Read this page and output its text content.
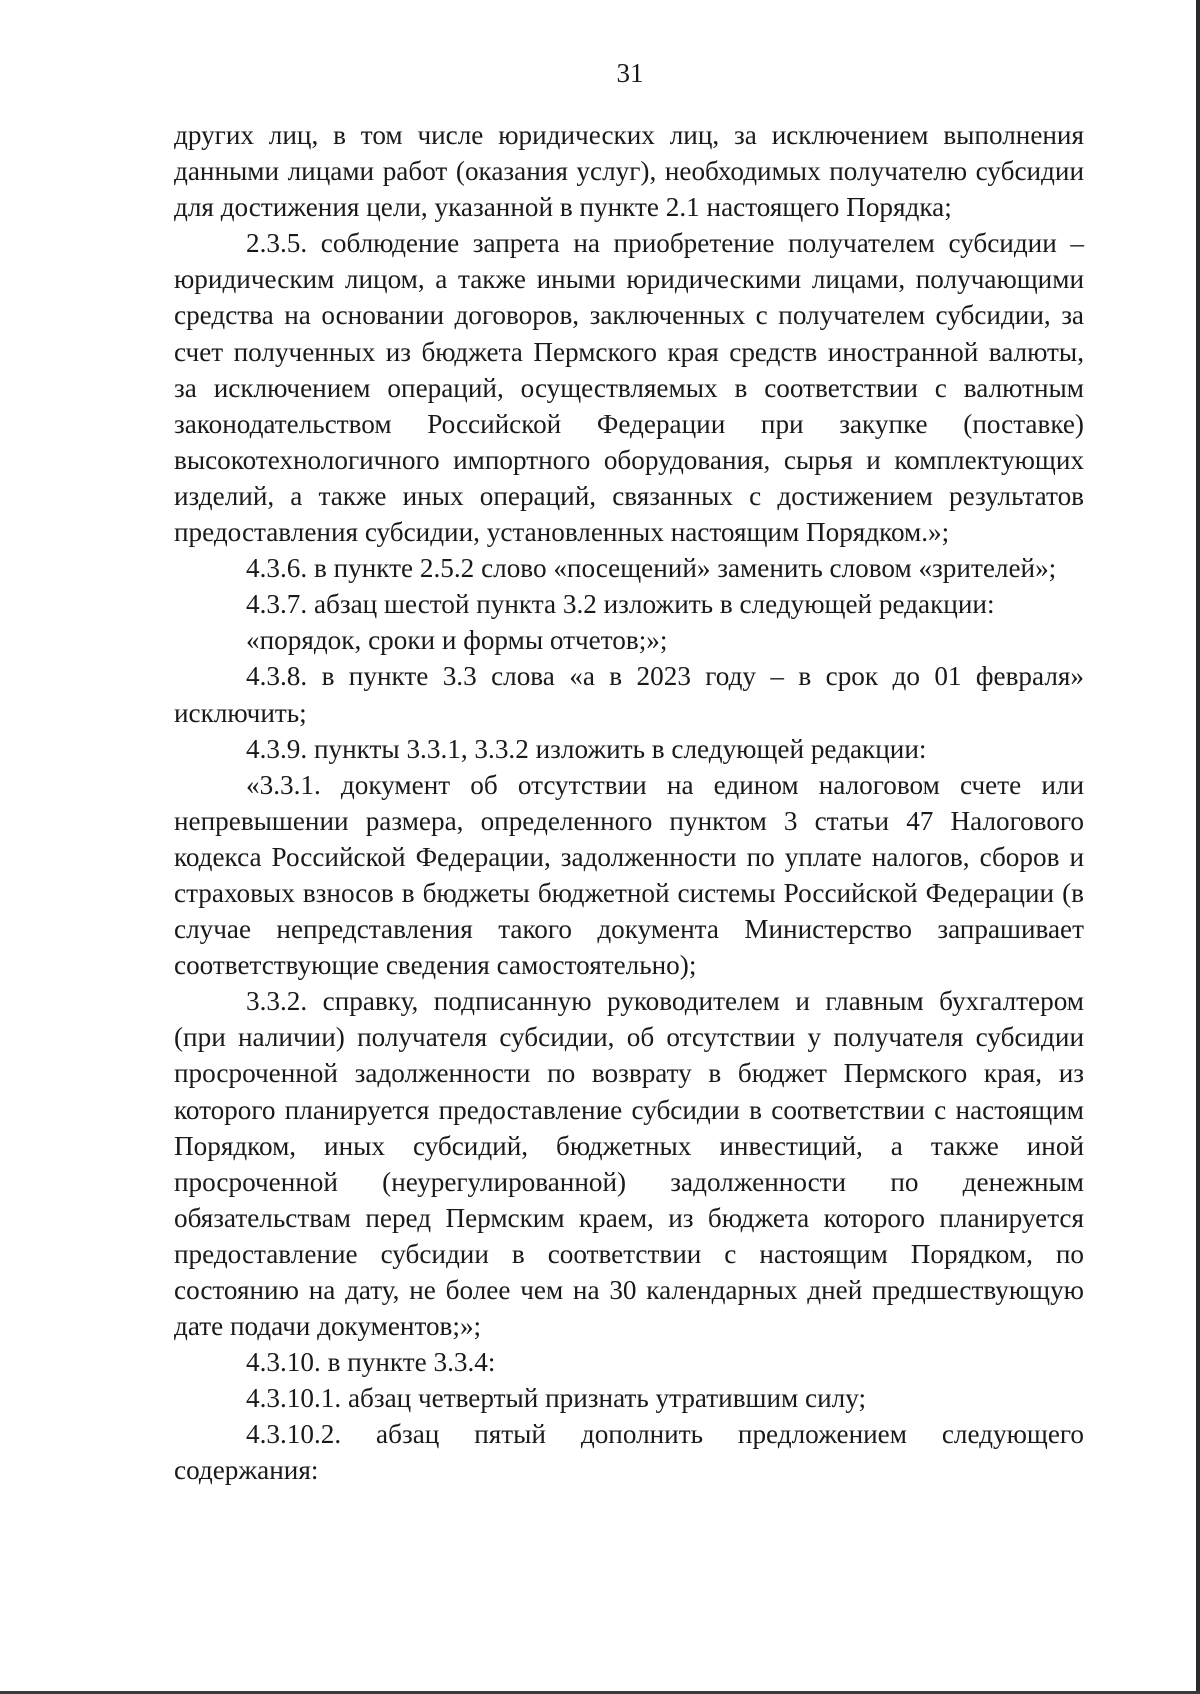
31

других лиц, в том числе юридических лиц, за исключением выполнения данными лицами работ (оказания услуг), необходимых получателю субсидии для достижения цели, указанной в пункте 2.1 настоящего Порядка;

2.3.5. соблюдение запрета на приобретение получателем субсидии – юридическим лицом, а также иными юридическими лицами, получающими средства на основании договоров, заключенных с получателем субсидии, за счет полученных из бюджета Пермского края средств иностранной валюты, за исключением операций, осуществляемых в соответствии с валютным законодательством Российской Федерации при закупке (поставке) высокотехнологичного импортного оборудования, сырья и комплектующих изделий, а также иных операций, связанных с достижением результатов предоставления субсидии, установленных настоящим Порядком.»;

4.3.6. в пункте 2.5.2 слово «посещений» заменить словом «зрителей»;

4.3.7. абзац шестой пункта 3.2 изложить в следующей редакции:

«порядок, сроки и формы отчетов;»;

4.3.8. в пункте 3.3 слова «а в 2023 году – в срок до 01 февраля» исключить;

4.3.9. пункты 3.3.1, 3.3.2 изложить в следующей редакции:

«3.3.1. документ об отсутствии на едином налоговом счете или непревышении размера, определенного пунктом 3 статьи 47 Налогового кодекса Российской Федерации, задолженности по уплате налогов, сборов и страховых взносов в бюджеты бюджетной системы Российской Федерации (в случае непредставления такого документа Министерство запрашивает соответствующие сведения самостоятельно);

3.3.2. справку, подписанную руководителем и главным бухгалтером (при наличии) получателя субсидии, об отсутствии у получателя субсидии просроченной задолженности по возврату в бюджет Пермского края, из которого планируется предоставление субсидии в соответствии с настоящим Порядком, иных субсидий, бюджетных инвестиций, а также иной просроченной (неурегулированной) задолженности по денежным обязательствам перед Пермским краем, из бюджета которого планируется предоставление субсидии в соответствии с настоящим Порядком, по состоянию на дату, не более чем на 30 календарных дней предшествующую дате подачи документов;»;

4.3.10. в пункте 3.3.4:

4.3.10.1. абзац четвертый признать утратившим силу;

4.3.10.2. абзац пятый дополнить предложением следующего содержания:
